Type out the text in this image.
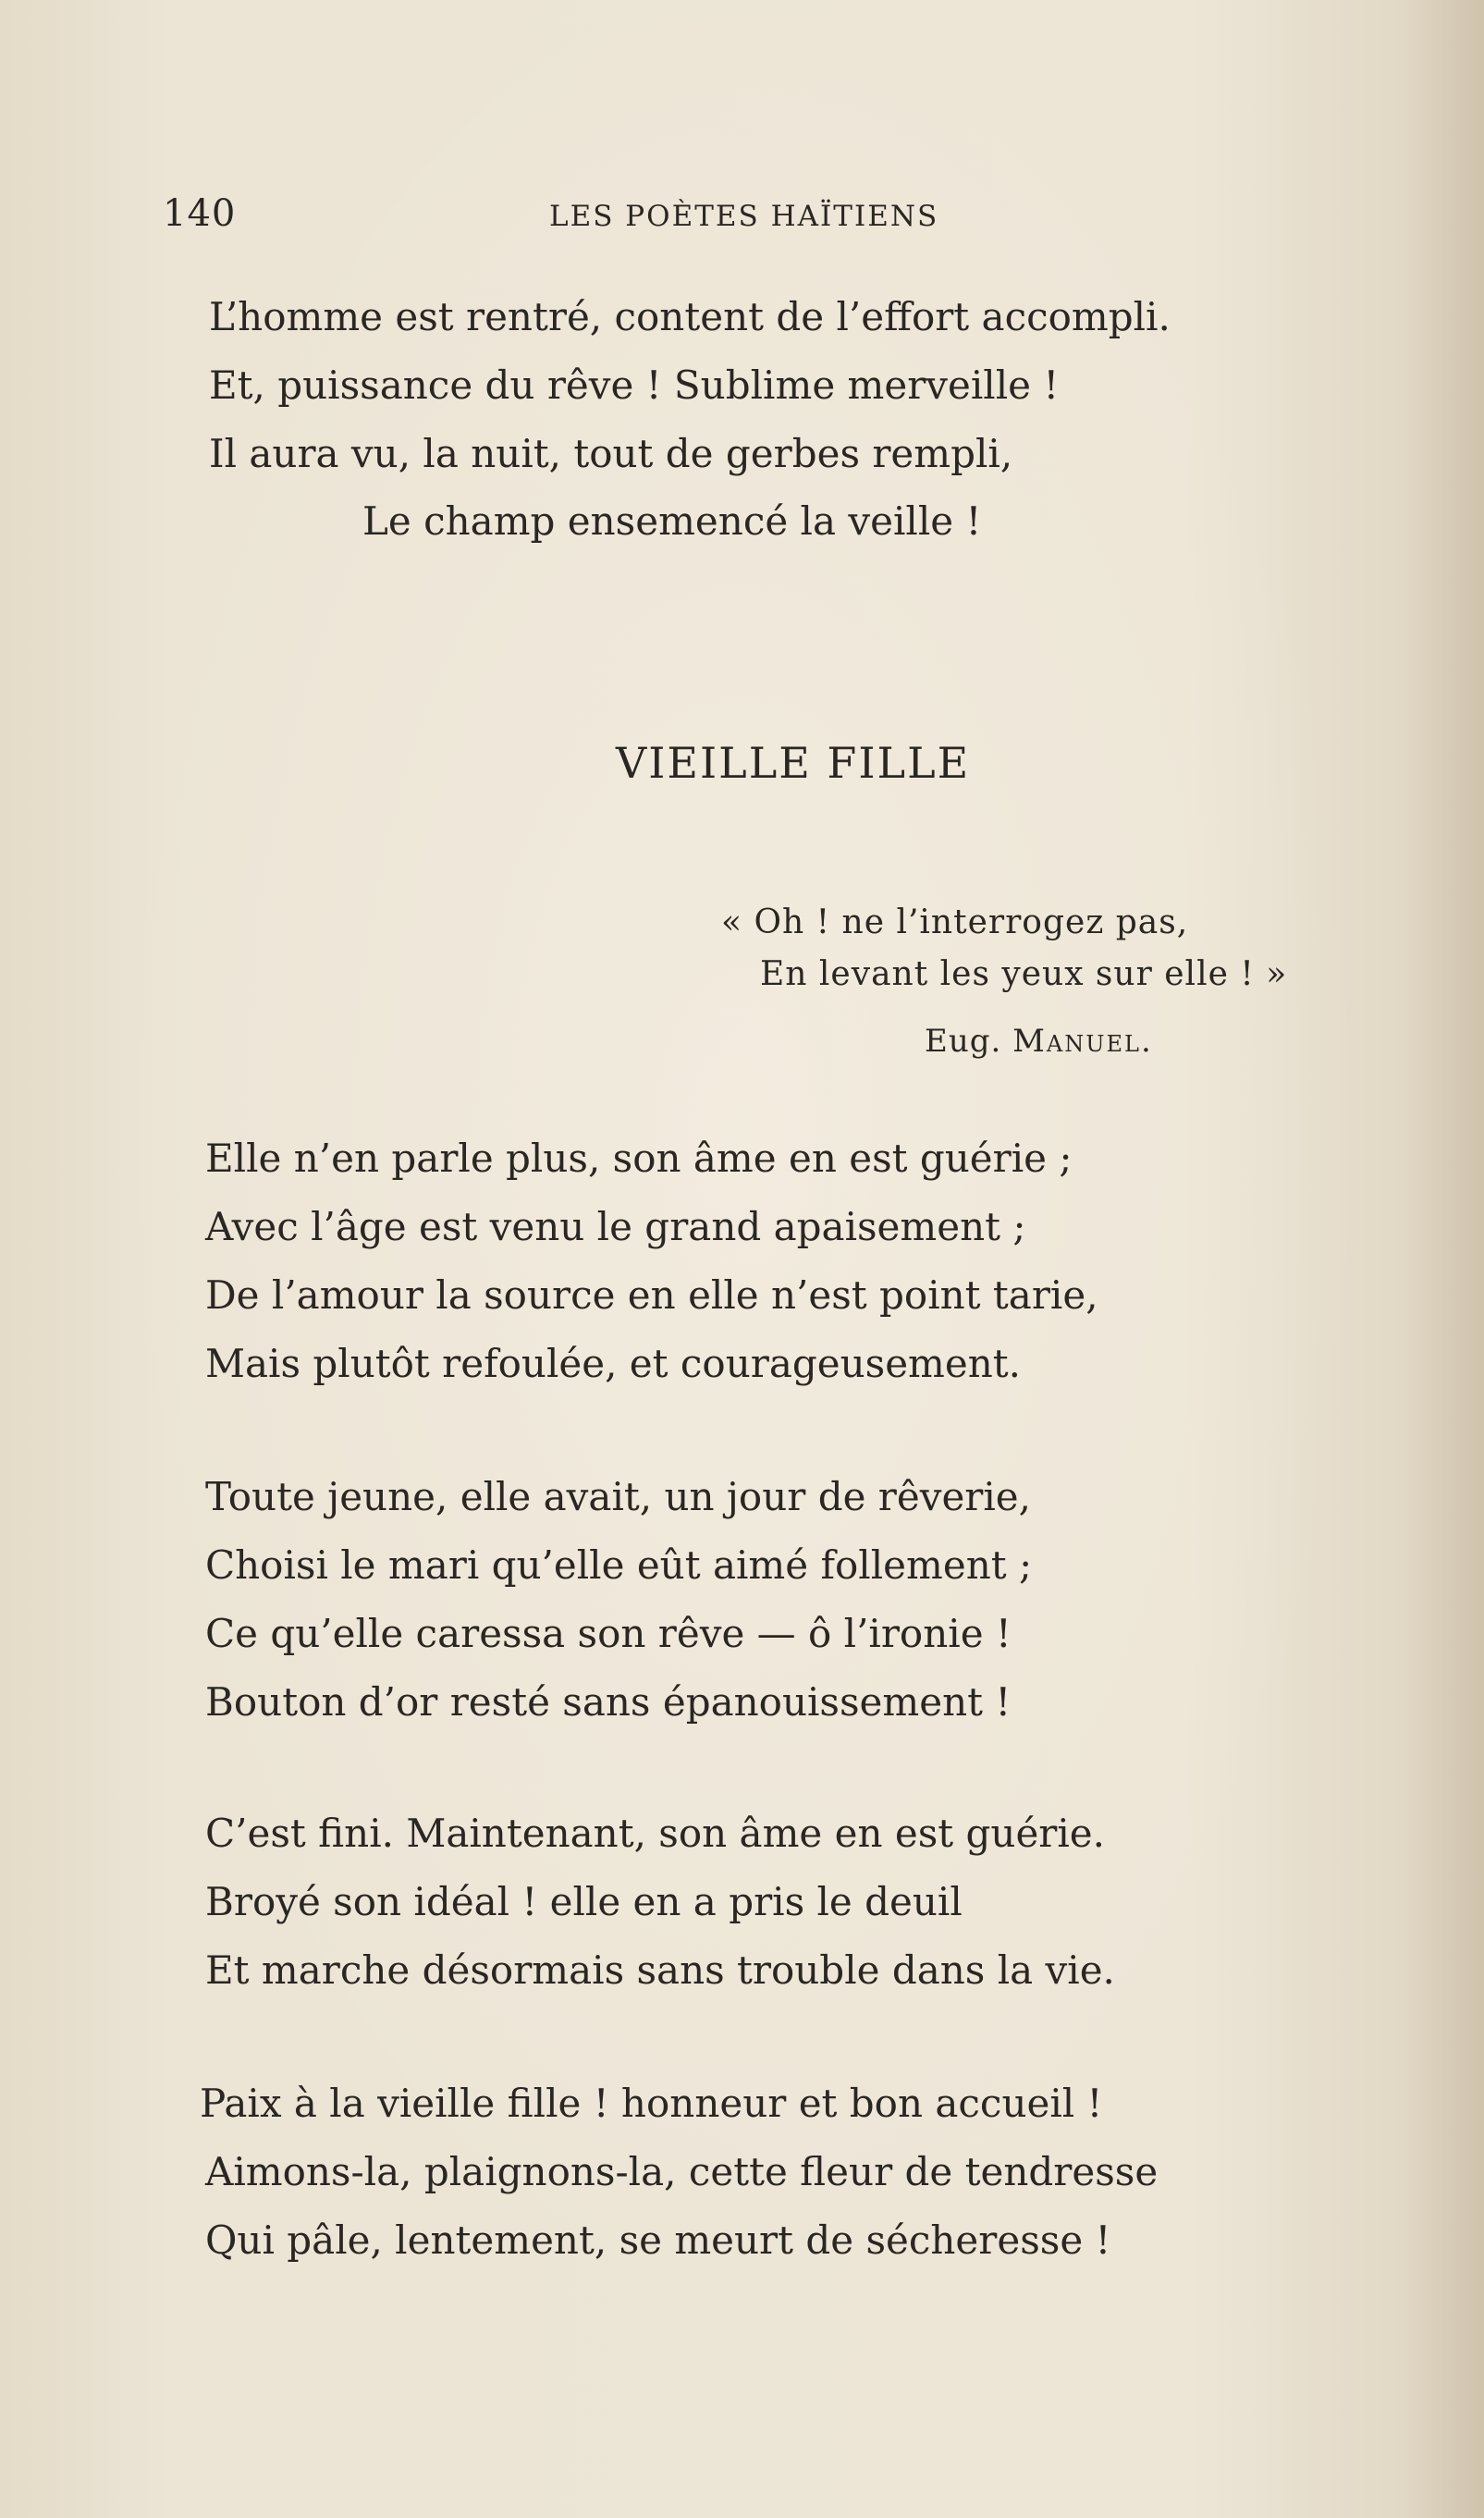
140	LES POÈTES HAÏTIENS
L’homme est rentré, content de l’effort accompli.
Et, puissance du rêve ! Sublime merveille !
Il aura vu, la nuit, tout de gerbes rempli,
Le champ ensemencé la veille !
VIEILLE FILLE
« Oh ! ne l’interrogez pas,
En levant les yeux sur elle ! »
Eug. Manuel.
Elle n’en parle plus, son âme en est guérie ;
Avec l’âge est venu le grand apaisement ;
De l’amour la source en elle n’est point tarie,
Mais plutôt refoulée, et courageusement.
Toute jeune, elle avait, un jour de rêverie,
Choisi le mari qu’elle eût aimé follement ;
Ce qu’elle caressa son rêve — ô l’ironie !
Bouton d’or resté sans épanouissement !
C’est fini. Maintenant, son âme en est guérie.
Broyé son idéal ! elle en a pris le deuil
Et marche désormais sans trouble dans la vie.
Paix à la vieille fille ! honneur et bon accueil !
Aimons-la, plaignons-la, cette fleur de tendresse
Qui pâle, lentement, se meurt de sécheresse !
